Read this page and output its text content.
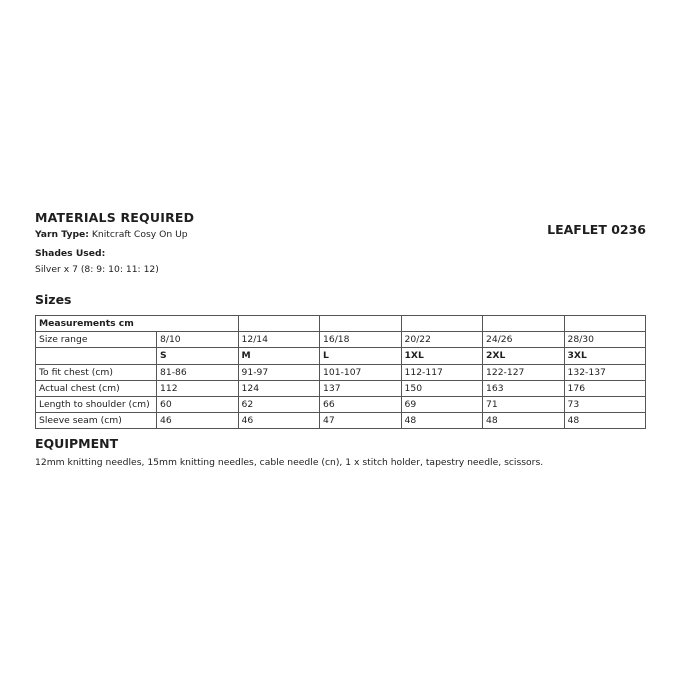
MATERIALS REQUIRED
Yarn Type: Knitcraft Cosy On Up
Shades Used:
Silver x 7 (8: 9: 10: 11: 12)
LEAFLET 0236
Sizes
Measurements cm						
Size range	8/10	12/14	16/18	20/22	24/26	28/30
	S	M	L	1XL	2XL	3XL
To fit chest (cm)	81-86	91-97	101-107	112-117	122-127	132-137
Actual chest (cm)	112	124	137	150	163	176
Length to shoulder (cm)	60	62	66	69	71	73
Sleeve seam (cm)	46	46	47	48	48	48
EQUIPMENT
12mm knitting needles, 15mm knitting needles, cable needle (cn), 1 x stitch holder, tapestry needle, scissors.
